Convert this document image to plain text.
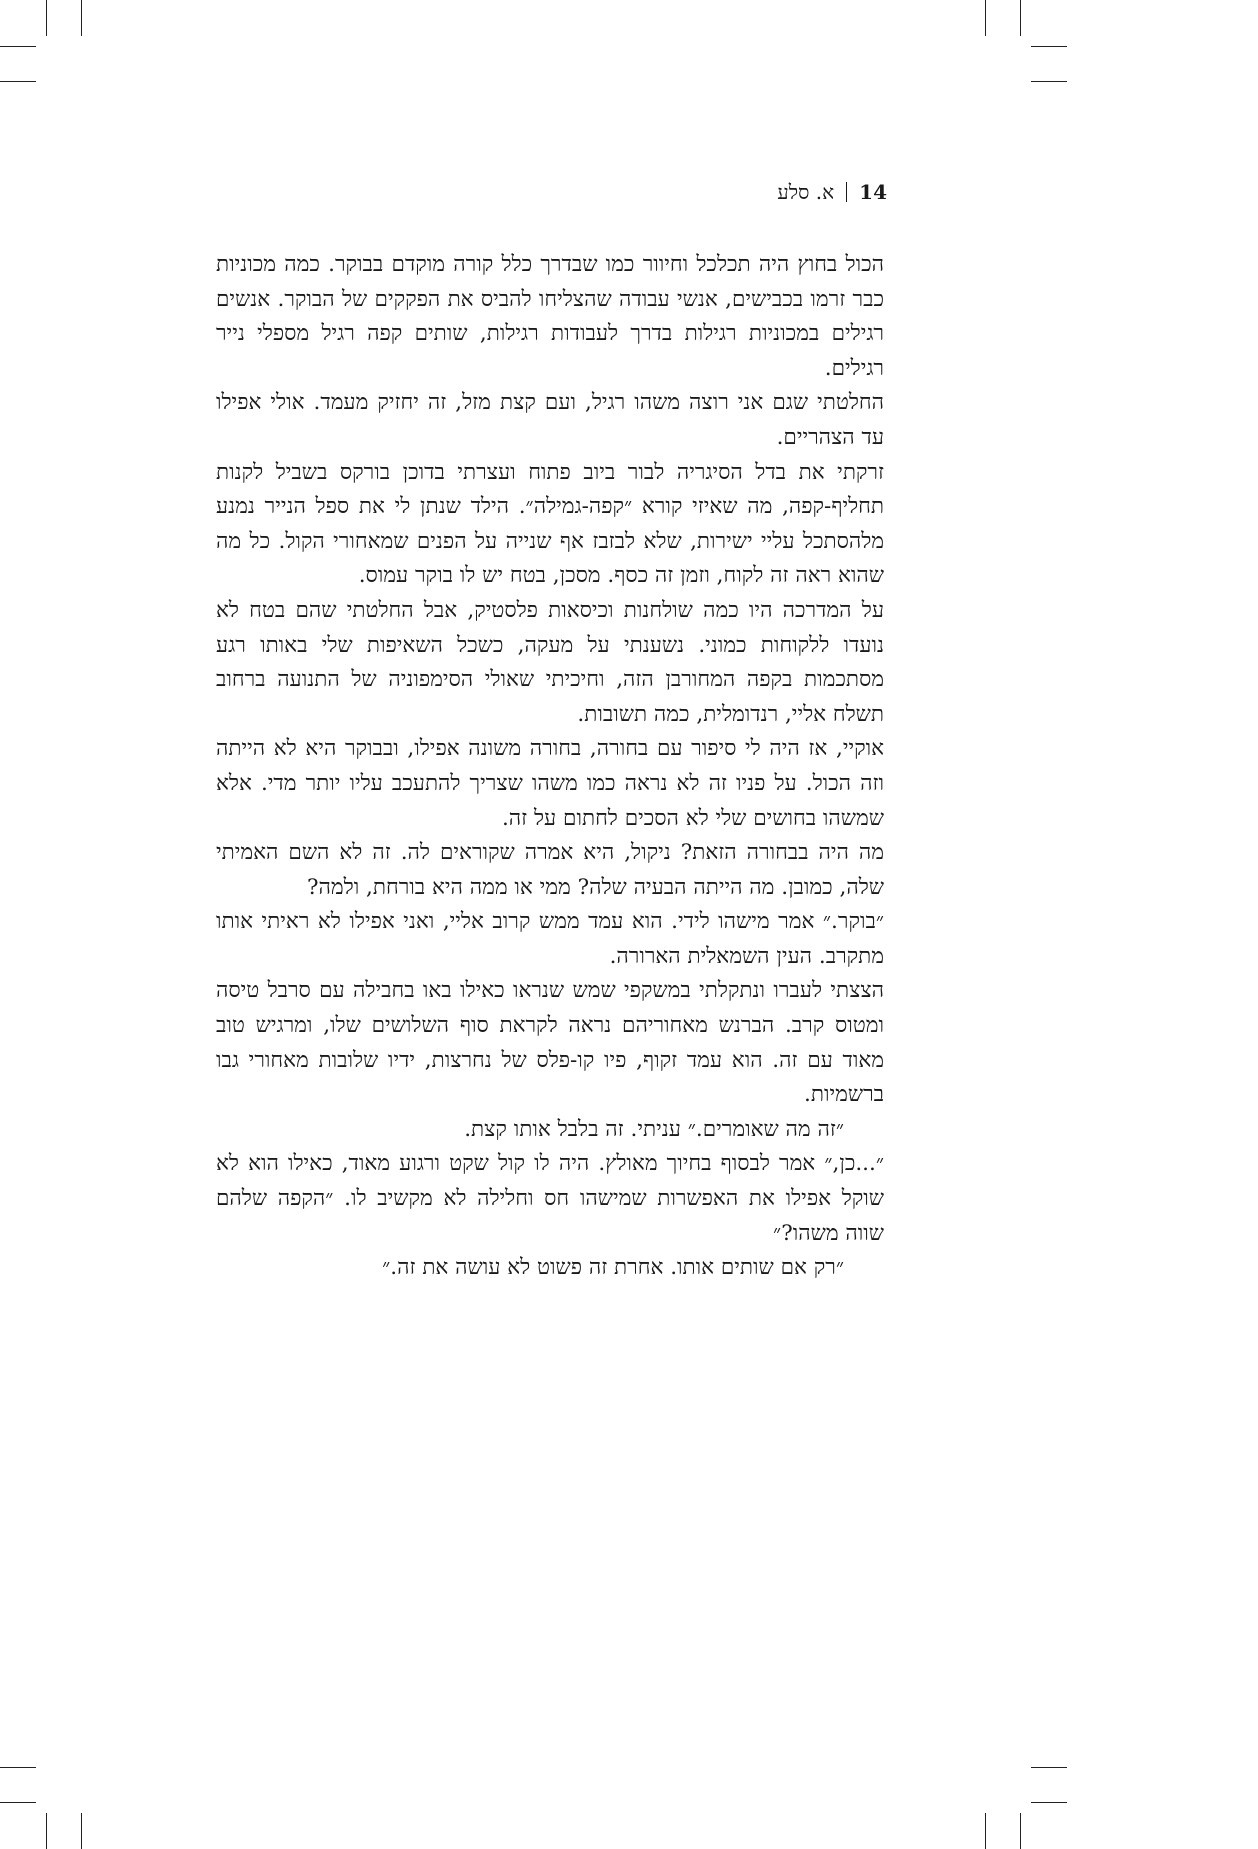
14
א. סלע

הכול בחוץ היה תכלכל וחיוור כמו שבדרך כלל קורה מוקדם בבוקר. כמה מכוניות כבר זרמו בכבישים, אנשי עבודה שהצליחו להביס את הפקקים של הבוקר. אנשים רגילים במכוניות רגילות בדרך לעבודות רגילות, שותים קפה רגיל מספלי נייר רגילים.

החלטתי שגם אני רוצה משהו רגיל, ועם קצת מזל, זה יחזיק מעמד. אולי אפילו עד הצהריים.

זרקתי את בדל הסיגריה לבור ביוב פתוח ועצרתי בדוכן בורקס בשביל לקנות תחליף-קפה, מה שאיזי קורא ״קפה-גמילה״. הילד שנתן לי את ספל הנייר נמנע מלהסתכל עליי ישירות, שלא לבזבז אף שנייה על הפנים שמאחורי הקול. כל מה שהוא ראה זה לקוח, וזמן זה כסף. מסכן, בטח יש לו בוקר עמוס.

על המדרכה היו כמה שולחנות וכיסאות פלסטיק, אבל החלטתי שהם בטח לא נועדו ללקוחות כמוני. נשענתי על מעקה, כשכל השאיפות שלי באותו רגע מסתכמות בקפה המחורבן הזה, וחיכיתי שאולי הסימפוניה של התנועה ברחוב תשלח אליי, רנדומלית, כמה תשובות.

אוקיי, אז היה לי סיפור עם בחורה, בחורה משונה אפילו, ובבוקר היא לא הייתה וזה הכול. על פניו זה לא נראה כמו משהו שצריך להתעכב עליו יותר מדי. אלא שמשהו בחושים שלי לא הסכים לחתום על זה.

מה היה בבחורה הזאת? ניקול, היא אמרה שקוראים לה. זה לא השם האמיתי שלה, כמובן. מה הייתה הבעיה שלה? ממי או ממה היא בורחת, ולמה?

״בוקר.״ אמר מישהו לידי. הוא עמד ממש קרוב אליי, ואני אפילו לא ראיתי אותו מתקרב. העין השמאלית הארורה.

הצצתי לעברו ונתקלתי במשקפי שמש שנראו כאילו באו בחבילה עם סרבל טיסה ומטוס קרב. הברנש מאחוריהם נראה לקראת סוף השלושים שלו, ומרגיש טוב מאוד עם זה. הוא עמד זקוף, פיו קו-פלס של נחרצות, ידיו שלובות מאחורי גבו ברשמיות.

״זה מה שאומרים.״ עניתי. זה בלבל אותו קצת.

״...כן,״ אמר לבסוף בחיוך מאולץ. היה לו קול שקט ורגוע מאוד, כאילו הוא לא שוקל אפילו את האפשרות שמישהו חס וחלילה לא מקשיב לו. ״הקפה שלהם שווה משהו?״

״רק אם שותים אותו. אחרת זה פשוט לא עושה את זה.״
